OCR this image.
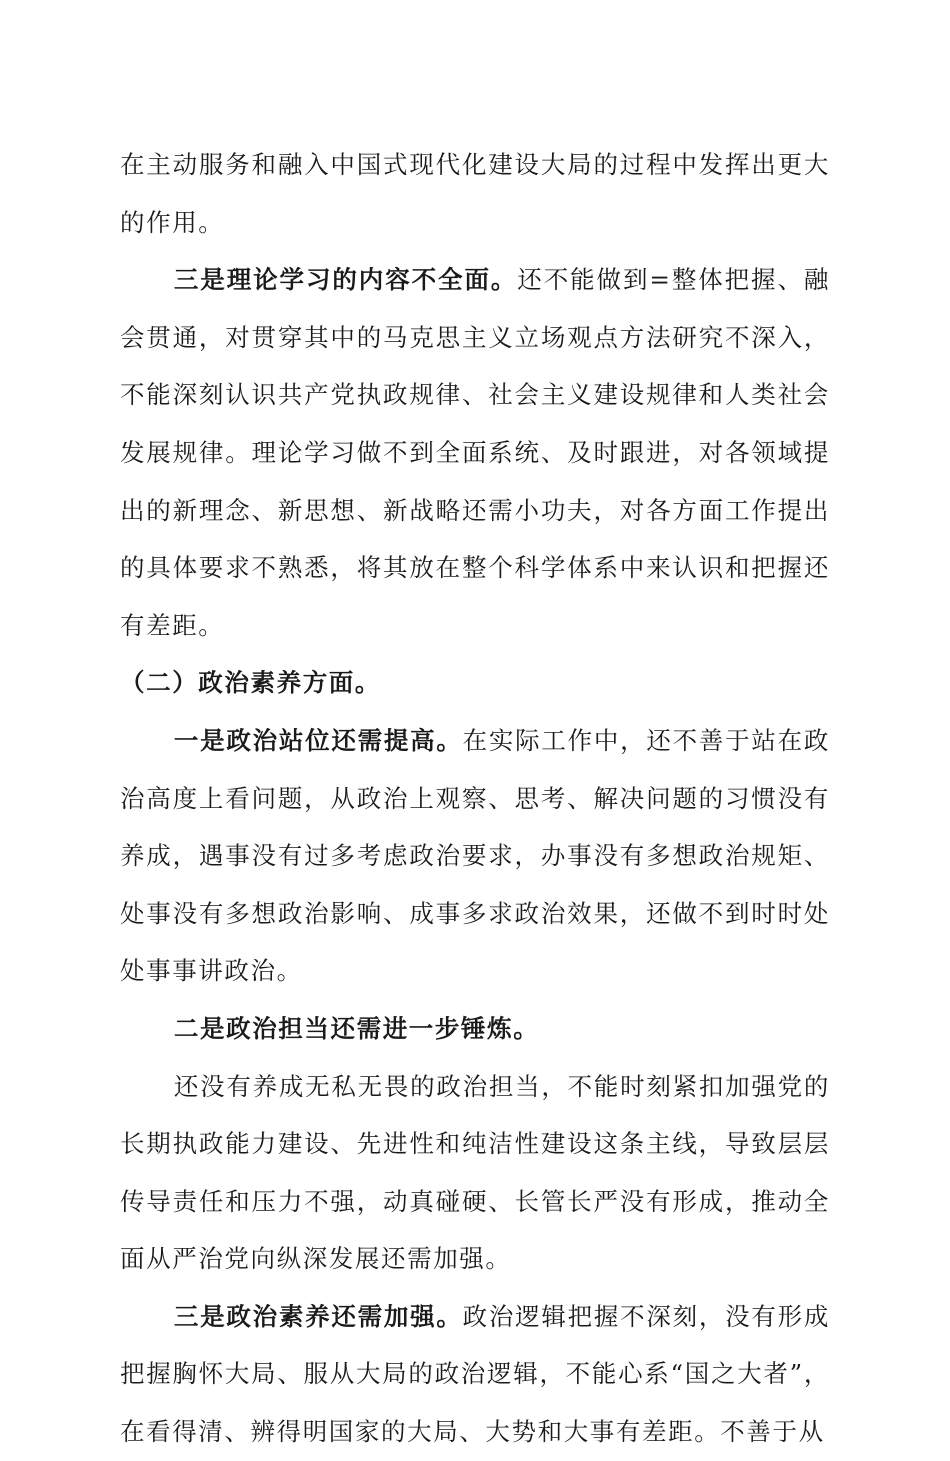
在主动服务和融入中国式现代化建设大局的过程中发挥出更大的作用。

三是理论学习的内容不全面。还不能做到=整体把握、融会贯通，对贯穿其中的马克思主义立场观点方法研究不深入，不能深刻认识共产党执政规律、社会主义建设规律和人类社会发展规律。理论学习做不到全面系统、及时跟进，对各领域提出的新理念、新思想、新战略还需小功夫，对各方面工作提出的具体要求不熟悉，将其放在整个科学体系中来认识和把握还有差距。

（二）政治素养方面。

一是政治站位还需提高。在实际工作中，还不善于站在政治高度上看问题，从政治上观察、思考、解决问题的习惯没有养成，遇事没有过多考虑政治要求，办事没有多想政治规矩、处事没有多想政治影响、成事多求政治效果，还做不到时时处处事事讲政治。

二是政治担当还需进一步锤炼。

还没有养成无私无畏的政治担当，不能时刻紧扣加强党的长期执政能力建设、先进性和纯洁性建设这条主线，导致层层传导责任和压力不强，动真碰硬、长管长严没有形成，推动全面从严治党向纵深发展还需加强。

三是政治素养还需加强。政治逻辑把握不深刻，没有形成把握胸怀大局、服从大局的政治逻辑，不能心系“国之大者”，在看得清、辨得明国家的大局、大势和大事有差距。不善于从
